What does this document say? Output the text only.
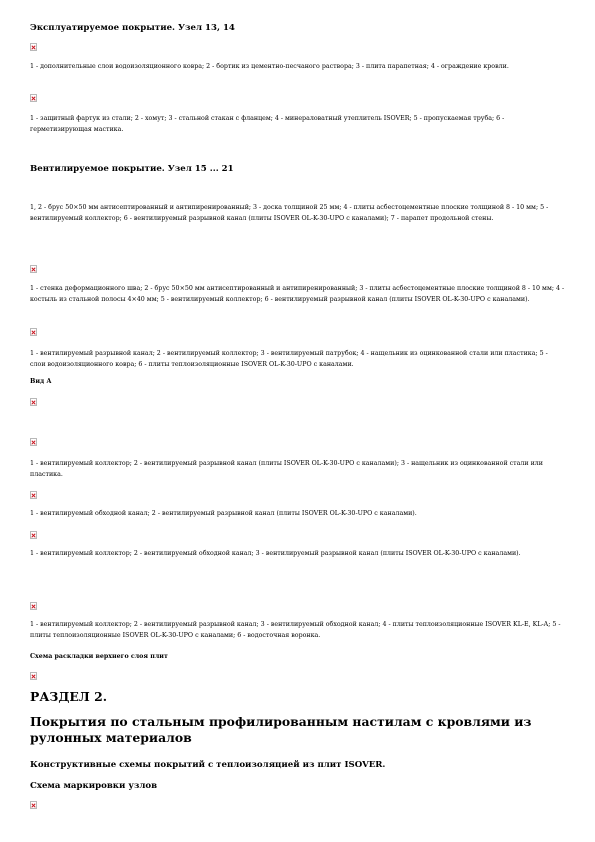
Эксплуатируемое покрытие. Узел 13, 14

1 - дополнительные слои водоизоляционного ковра; 2 - бортик из цементно-песчаного раствора; 3 - плита парапетная; 4 - ограждение кровли.

1 - защитный фартук из стали; 2 - хомут; 3 - стальной стакан с фланцем; 4 - минераловатный утеплитель ISOVER; 5 - пропускаемая труба; 6 - герметизирующая мастика.

Вентилируемое покрытие. Узел 15 ... 21

1, 2 - брус 50×50 мм антисептированный и антипиренированный; 3 - доска толщиной 25 мм; 4 - плиты асбестоцементные плоские толщиной 8 - 10 мм; 5 - вентилируемый коллектор; 6 - вентилируемый разрывной канал (плиты ISOVER OL-K-30-UPO с каналами); 7 - парапет продольной стены.

1 - стенка деформационного шва; 2 - брус 50×50 мм антисептированный и антипиренированный; 3 - плиты асбестоцементные плоские толщиной 8 - 10 мм; 4 - костыль из стальной полосы 4×40 мм; 5 - вентилируемый коллектор; 6 - вентилируемый разрывной канал (плиты ISOVER OL-K-30-UPO с каналами).

1 - вентилируемый разрывной канал; 2 - вентилируемый коллектор; 3 - вентилируемый патрубок; 4 - нащельник из оцинкованной стали или пластика; 5 - слои водоизоляционного ковра; 6 - плиты теплоизоляционные ISOVER OL-K-30-UPO с каналами.

Вид А

1 - вентилируемый коллектор; 2 - вентилируемый разрывной канал (плиты ISOVER OL-K-30-UPO с каналами); 3 - нащельник из оцинкованной стали или пластика.

1 - вентилируемый обходной канал; 2 - вентилируемый разрывной канал (плиты ISOVER OL-K-30-UPO с каналами).

1 - вентилируемый коллектор; 2 - вентилируемый обходной канал; 3 - вентилируемый разрывной канал (плиты ISOVER OL-K-30-UPO с каналами).

1 - вентилируемый коллектор; 2 - вентилируемый разрывной канал; 3 - вентилируемый обходной канал; 4 - плиты теплоизоляционные ISOVER KL-E, KL-A; 5 - плиты теплоизоляционные ISOVER OL-K-30-UPO с каналами; 6 - водосточная воронка.

Схема раскладки верхнего слоя плит

РАЗДЕЛ 2.
Покрытия по стальным профилированным настилам с кровлями из рулонных материалов
Конструктивные схемы покрытий с теплоизоляцией из плит ISOVER.
Схема маркировки узлов
